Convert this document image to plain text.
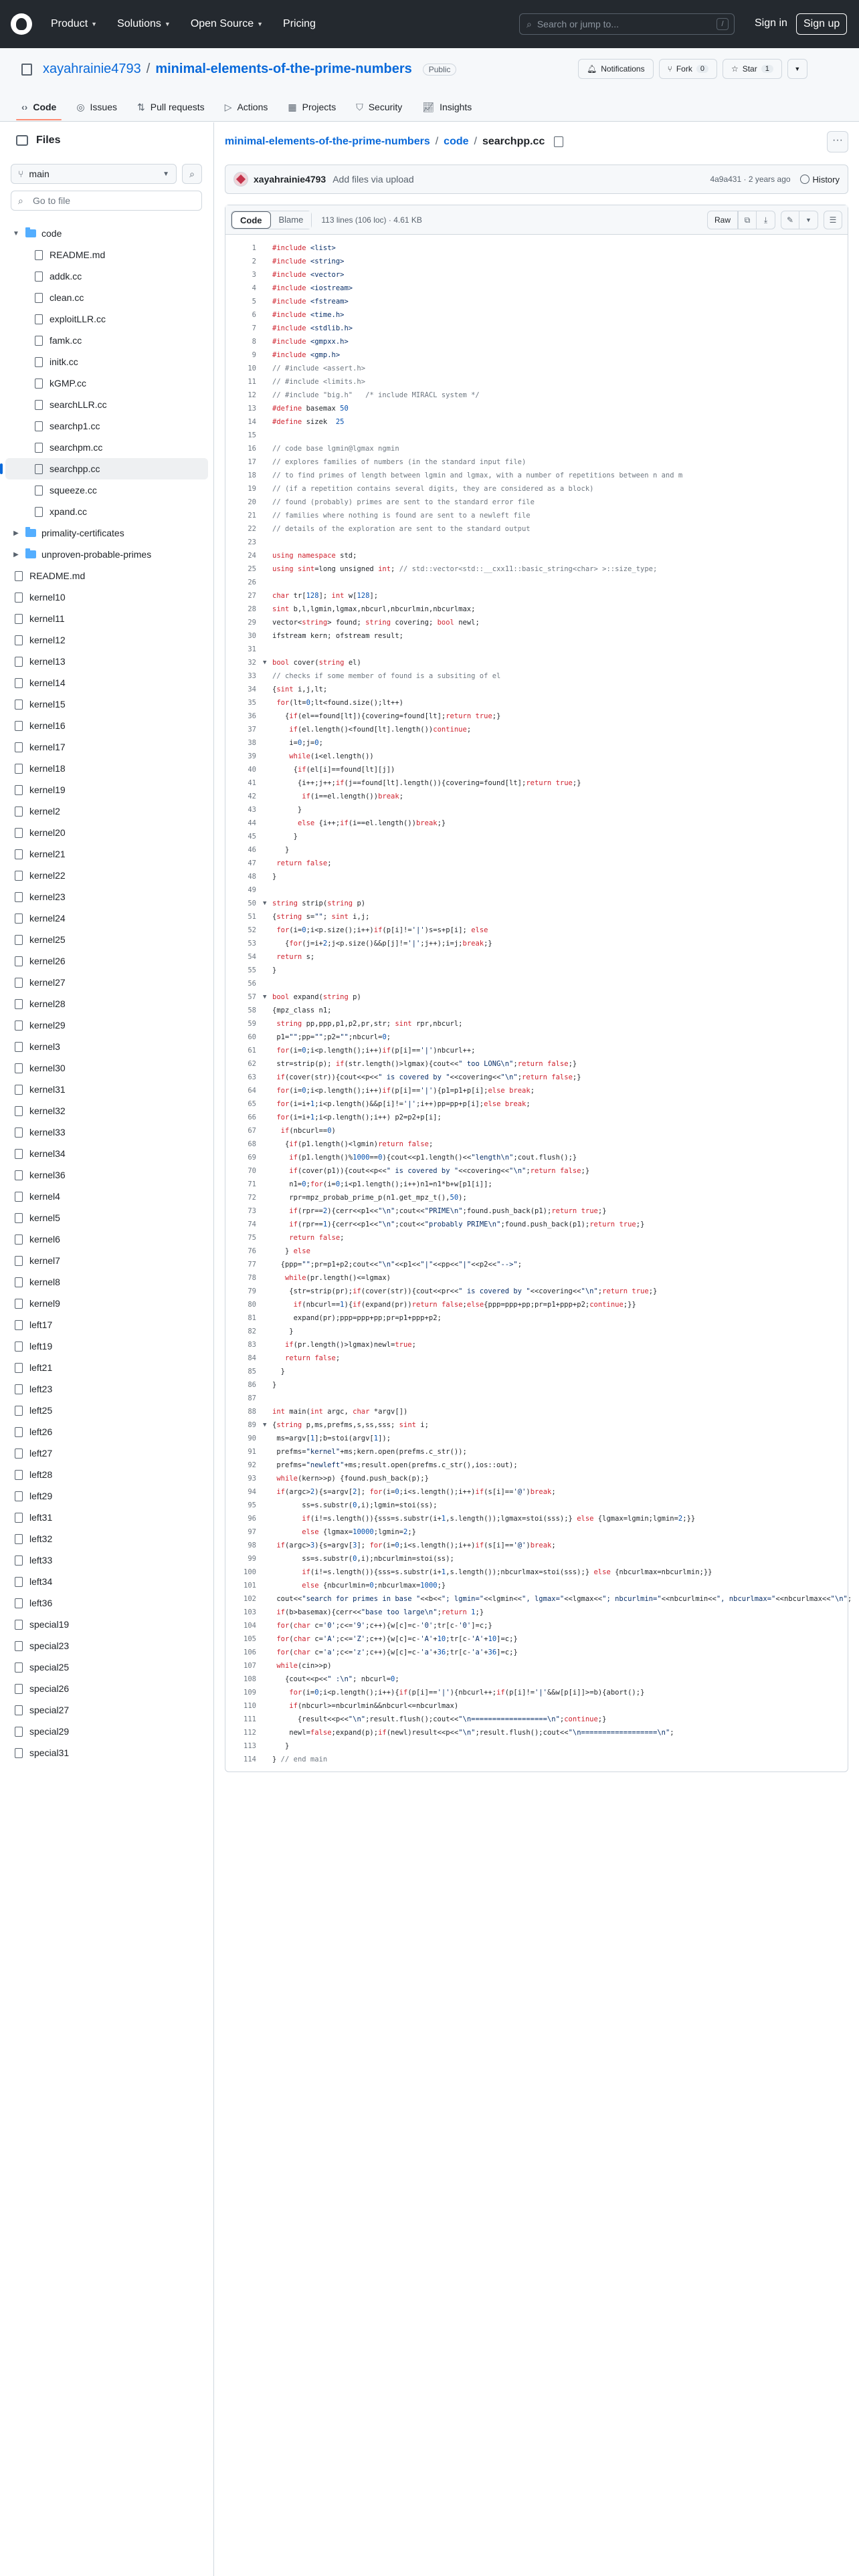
Product ▼ Solutions ▼ Open Source ▼ Pricing	⌕ Search or jump to...	/	Sign in	Sign up
xayahrainie4793 / minimal-elements-of-the-prime-numbers	Public	🔔︎ Notifications	⑂ Fork	0	☆ Star	1	▼
‹› Code ◎ Issues ⇅ Pull requests ▷ Actions ▦ Projects ⛉ Security 📈︎ Insights
Files
⑂ main	▼	⌕
⌕ Go to file
▼ code
README.md
addk.cc
clean.cc
exploitLLR.cc
famk.cc
initk.cc
kGMP.cc
searchLLR.cc
searchp1.cc
searchpm.cc
searchpp.cc
squeeze.cc
xpand.cc
▶ primality-certificates
▶ unproven-probable-primes
README.md
kernel10
kernel11
kernel12
kernel13
kernel14
kernel15
kernel16
kernel17
kernel18
kernel19
kernel2
kernel20
kernel21
kernel22
kernel23
kernel24
kernel25
kernel26
kernel27
kernel28
kernel29
kernel3
kernel30
kernel31
kernel32
kernel33
kernel34
kernel36
kernel4
kernel5
kernel6
kernel7
kernel8
kernel9
left17
left19
left21
left23
left25
left26
left27
left28
left29
left31
left32
left33
left34
left36
special19
special23
special25
special26
special27
special29
special31
minimal-elements-of-the-prime-numbers / code / searchpp.cc	···
xayahrainie4793 Add files via upload	4a9a431 · 2 years ago	History
Code	Blame	113 lines (106 loc) · 4.61 KB	Raw	⧉	⤓	✎	▼	☰
1	#include <list>
2	#include <string>
3	#include <vector>
4	#include <iostream>
5	#include <fstream>
6	#include <time.h>
7	#include <stdlib.h>
8	#include <gmpxx.h>
9	#include <gmp.h>
10	// #include <assert.h>
11	// #include <limits.h>
12	// #include "big.h"   /* include MIRACL system */
13	#define basemax 50
14	#define sizek  25
15
16	// code base lgmin@lgmax ngmin
17	// explores families of numbers (in the standard input file)
18	// to find primes of length between lgmin and lgmax, with a number of repetitions between n and m
19	// (if a repetition contains several digits, they are considered as a block)
20	// found (probably) primes are sent to the standard error file
21	// families where nothing is found are sent to a newleft file
22	// details of the exploration are sent to the standard output
23
24	using namespace std;
25	using sint=long unsigned int; // std::vector<std::__cxx11::basic_string<char> >::size_type;
26
27	char tr[128]; int w[128];
28	sint b,l,lgmin,lgmax,nbcurl,nbcurlmin,nbcurlmax;
29	vector<string> found; string covering; bool newl;
30	ifstream kern; ofstream result;
31
32	▼ bool cover(string el)
33	// checks if some member of found is a subsiting of el
34	{sint i,j,lt;
35	for(lt=0;lt<found.size();lt++)
36	{if(el==found[lt]){covering=found[lt];return true;}
37	if(el.length()<found[lt].length())continue;
38	i=0;j=0;
39	while(i<el.length())
40	{if(el[i]==found[lt][j])
41	{i++;j++;if(j==found[lt].length()){covering=found[lt];return true;}
42	if(i==el.length())break;
43	}
44	else {i++;if(i==el.length())break;}
45	}
46	}
47	return false;
48	}
49
50	▼ string strip(string p)
51	{string s=""; sint i,j;
52	for(i=0;i<p.size();i++)if(p[i]!='|')s=s+p[i]; else
53	{for(j=i+2;j<p.size()&&p[j]!='|';j++);i=j;break;}
54	return s;
55	}
56
57	▼ bool expand(string p)
58	{mpz_class n1;
59	string pp,ppp,p1,p2,pr,str; sint rpr,nbcurl;
60	p1="";pp="";p2="";nbcurl=0;
61	for(i=0;i<p.length();i++)if(p[i]=='|')nbcurl++;
62	str=strip(p); if(str.length()>lgmax){cout<<" too LONG\n";return false;}
63	if(cover(str)){cout<<p<<" is covered by "<<covering<<"\n";return false;}
64	for(i=0;i<p.length();i++)if(p[i]=='|'){p1=p1+p[i];else break;
65	for(i=i+1;i<p.length()&&p[i]!='|';i++)pp=pp+p[i];else break;
66	for(i=i+1;i<p.length();i++) p2=p2+p[i];
67	if(nbcurl==0)
68	{if(p1.length()<lgmin)return false;
69	if(p1.length()%1000==0){cout<<p1.length()<<"length\n";cout.flush();}
70	if(cover(p1)){cout<<p<<" is covered by "<<covering<<"\n";return false;}
71	n1=0;for(i=0;i<p1.length();i++)n1=n1*b+w[p1[i]];
72	rpr=mpz_probab_prime_p(n1.get_mpz_t(),50);
73	if(rpr==2){cerr<<p1<<"\n";cout<<"PRIME\n";found.push_back(p1);return true;}
74	if(rpr==1){cerr<<p1<<"\n";cout<<"probably PRIME\n";found.push_back(p1);return true;}
75	return false;
76	} else
77	{ppp="";pr=p1+p2;cout<<"\n"<<p1<<"|"<<pp<<"|"<<p2<<"-->";
78	while(pr.length()<=lgmax)
79	{str=strip(pr);if(cover(str)){cout<<pr<<" is covered by "<<covering<<"\n";return true;}
80	if(nbcurl==1){if(expand(pr))return false;else{ppp=ppp+pp;pr=p1+ppp+p2;continue;}}
81	expand(pr);ppp=ppp+pp;pr=p1+ppp+p2;
82	}
83	if(pr.length()>lgmax)newl=true;
84	return false;
85	}
86	}
87
88	int main(int argc, char *argv[])
89	▼ {string p,ms,prefms,s,ss,sss; sint i;
90	ms=argv[1];b=stoi(argv[1]);
91	prefms="kernel"+ms;kern.open(prefms.c_str());
92	prefms="newleft"+ms;result.open(prefms.c_str(),ios::out);
93	while(kern>>p) {found.push_back(p);}
94	if(argc>2){s=argv[2]; for(i=0;i<s.length();i++)if(s[i]=='@')break;
95	ss=s.substr(0,i);lgmin=stoi(ss);
96	if(i!=s.length()){sss=s.substr(i+1,s.length());lgmax=stoi(sss);} else {lgmax=lgmin;lgmin=2;}}
97	else {lgmax=10000;lgmin=2;}
98	if(argc>3){s=argv[3]; for(i=0;i<s.length();i++)if(s[i]=='@')break;
99	ss=s.substr(0,i);nbcurlmin=stoi(ss);
100	if(i!=s.length()){sss=s.substr(i+1,s.length());nbcurlmax=stoi(sss);} else {nbcurlmax=nbcurlmin;}}
101	else {nbcurlmin=0;nbcurlmax=1000;}
102	cout<<"search for primes in base "<<b<<"; lgmin="<<lgmin<<", lgmax="<<lgmax<<"; nbcurlmin="<<nbcurlmin<<", nbcurlmax="<<nbcurlmax<<"\n";
103	if(b>basemax){cerr<<"base too large\n";return 1;}
104	for(char c='0';c<='9';c++){w[c]=c-'0';tr[c-'0']=c;}
105	for(char c='A';c<='Z';c++){w[c]=c-'A'+10;tr[c-'A'+10]=c;}
106	for(char c='a';c<='z';c++){w[c]=c-'a'+36;tr[c-'a'+36]=c;}
107	while(cin>>p)
108	{cout<<p<<" :\n"; nbcurl=0;
109	for(i=0;i<p.length();i++){if(p[i]=='|'){nbcurl++;if(p[i]!='|'&&w[p[i]]>=b){abort();}
110	if(nbcurl>=nbcurlmin&&nbcurl<=nbcurlmax)
111	{result<<p<<"\n";result.flush();cout<<"\n==================\n";continue;}
112	newl=false;expand(p);if(newl)result<<p<<"\n";result.flush();cout<<"\n==================\n";
113	}
114	} // end main
